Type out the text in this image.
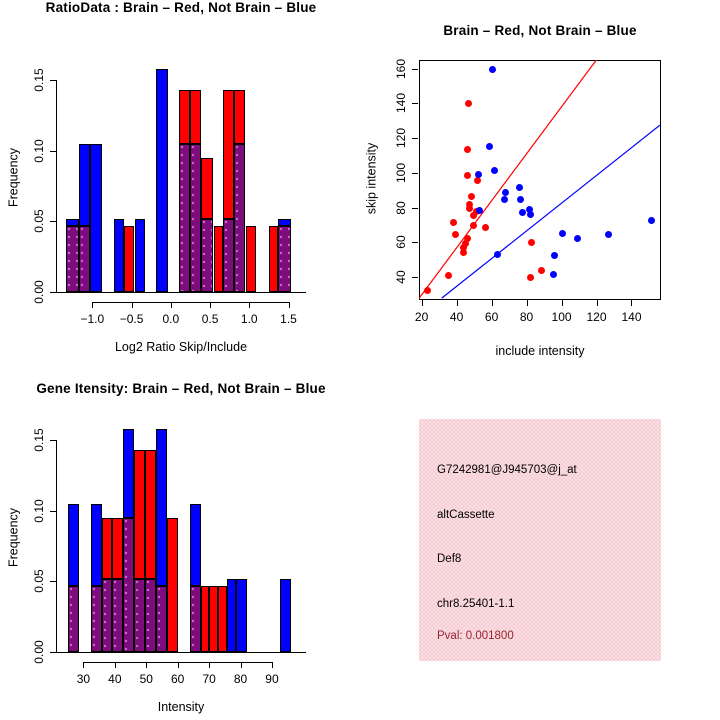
RatioData : Brain – Red, Not Brain – Blue
Log2 Ratio Skip/Include
Frequency
Brain – Red, Not Brain – Blue
include intensity
skip intensity
Gene Itensity: Brain – Red, Not Brain – Blue
Intensity
Frequency
G7242981@J945703@j_at
altCassette
Def8
chr8.25401-1.1
Pval: 0.001800
0.00
0.05
0.10
0.15
−1.0	−0.5	0.0	0.5	1.0	1.5	20	40	60	80	100	120	140
40
60
80
100
120
140
160
0.00
0.05
0.10
0.15
30	40	50	60	70	80	90
